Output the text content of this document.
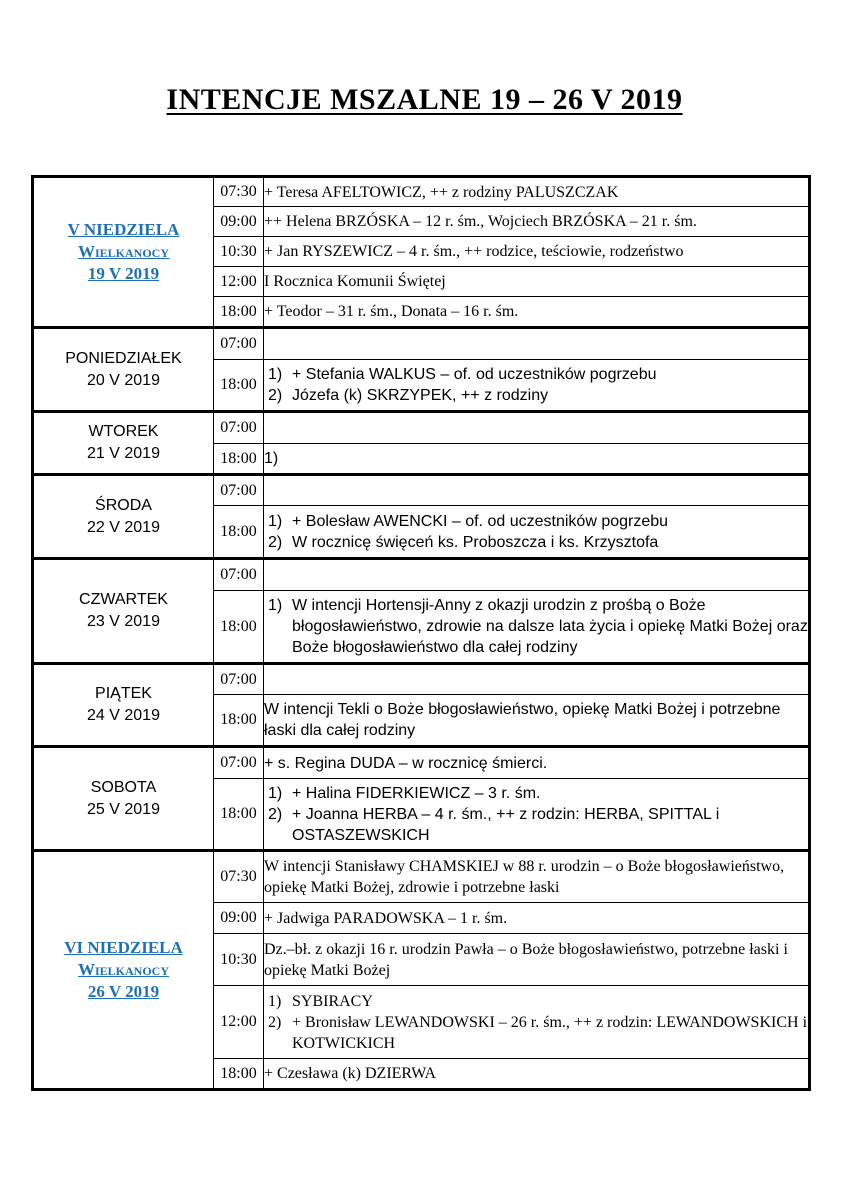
INTENCJE MSZALNE 19 – 26 V 2019
V NIEDZIELA
Wielkanocy
19 V 2019	07:30	+ Teresa AFELTOWICZ, ++ z rodziny PALUSZCZAK

	09:00	++ Helena BRZÓSKA – 12 r. śm., Wojciech BRZÓSKA – 21 r. śm.

	10:30	+ Jan RYSZEWICZ – 4 r. śm., ++ rodzice, teściowie, rodzeństwo

	12:00	I Rocznica Komunii Świętej

	18:00	+ Teodor – 31 r. śm., Donata – 16 r. śm.

PONIEDZIAŁEK
20 V 2019	07:00	
	18:00	1) + Stefania WALKUS – of. od uczestników pogrzebu
2) Józefa (k) SKRZYPEK, ++ z rodziny

WTOREK
21 V 2019	07:00	
	18:00	1)

ŚRODA
22 V 2019	07:00	
	18:00	1) + Bolesław AWENCKI – of. od uczestników pogrzebu
2) W rocznicę święceń ks. Proboszcza i ks. Krzysztofa

CZWARTEK
23 V 2019	07:00	
	18:00	1) W intencji Hortensji-Anny z okazji urodzin z prośbą o Boże błogosławieństwo, zdrowie na dalsze lata życia i opiekę Matki Bożej oraz Boże błogosławieństwo dla całej rodziny

PIĄTEK
24 V 2019	07:00	
	18:00	W intencji Tekli o Boże błogosławieństwo, opiekę Matki Bożej i potrzebne łaski dla całej rodziny

SOBOTA
25 V 2019	07:00	+ s. Regina DUDA – w rocznicę śmierci.

	18:00	1) + Halina FIDERKIEWICZ – 3 r. śm.
2) + Joanna HERBA – 4 r. śm., ++ z rodzin: HERBA, SPITTAL i OSTASZEWSKICH

VI NIEDZIELA
Wielkanocy
26 V 2019	07:30	W intencji Stanisławy CHAMSKIEJ w 88 r. urodzin – o Boże błogosławieństwo, opiekę Matki Bożej, zdrowie i potrzebne łaski

	09:00	+ Jadwiga PARADOWSKA – 1 r. śm.

	10:30	Dz.–bł. z okazji 16 r. urodzin Pawła – o Boże błogosławieństwo, potrzebne łaski i opiekę Matki Bożej

	12:00	1) SYBIRACY
2) + Bronisław LEWANDOWSKI – 26 r. śm., ++ z rodzin: LEWANDOWSKICH i KOTWICKICH

	18:00	+ Czesława (k) DZIERWA
